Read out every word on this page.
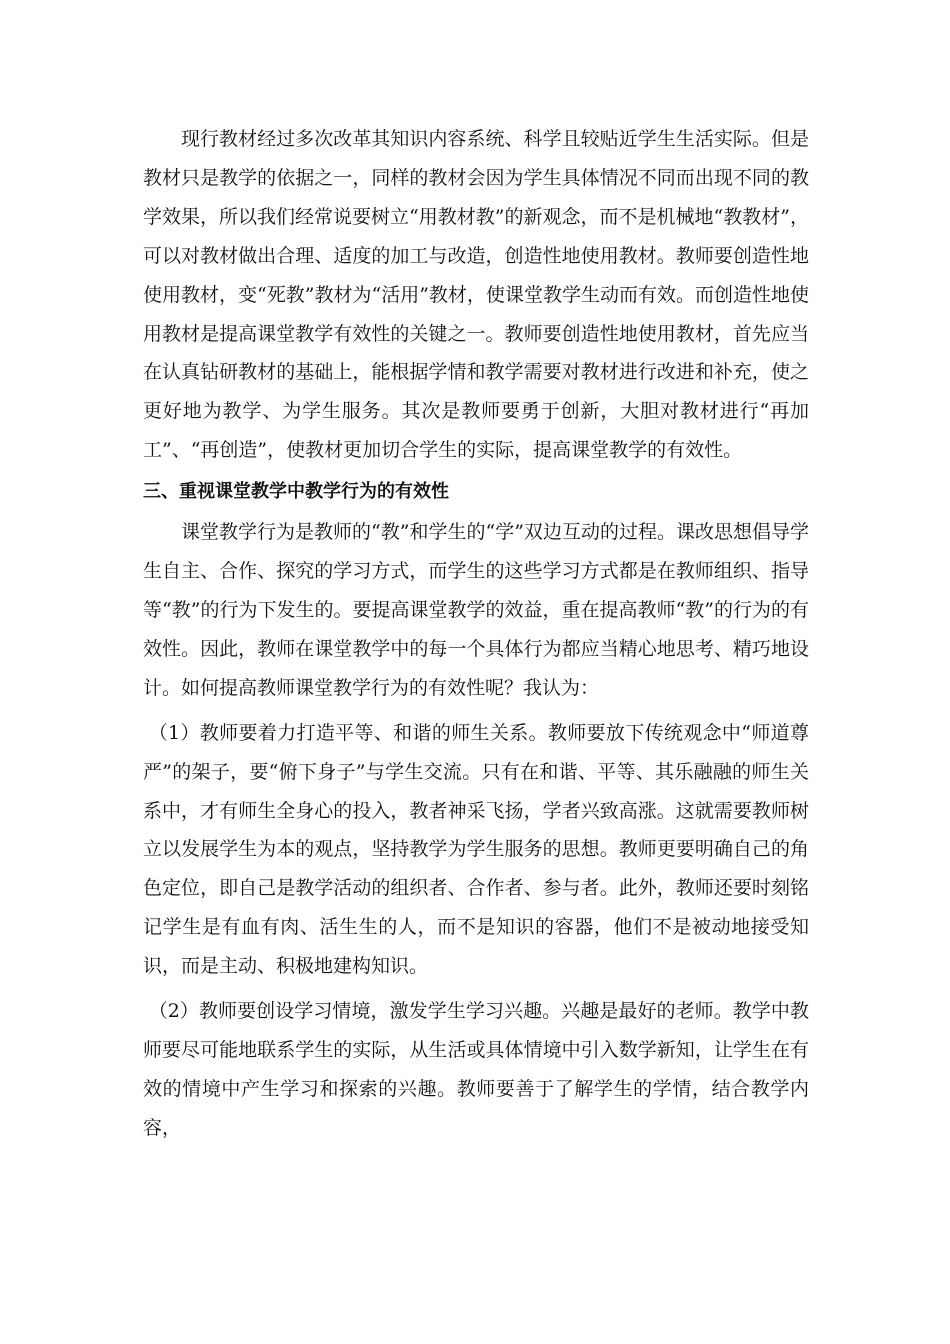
现行教材经过多次改革其知识内容系统、科学且较贴近学生生活实际。但是教材只是教学的依据之一，同样的教材会因为学生具体情况不同而出现不同的教学效果，所以我们经常说要树立“用教材教”的新观念，而不是机械地“教教材”，可以对教材做出合理、适度的加工与改造，创造性地使用教材。教师要创造性地使用教材，变“死教”教材为“活用”教材，使课堂教学生动而有效。而创造性地使用教材是提高课堂教学有效性的关键之一。教师要创造性地使用教材，首先应当在认真钻研教材的基础上，能根据学情和教学需要对教材进行改进和补充，使之更好地为教学、为学生服务。其次是教师要勇于创新，大胆对教材进行“再加工”、“再创造”，使教材更加切合学生的实际，提高课堂教学的有效性。

三、重视课堂教学中教学行为的有效性

课堂教学行为是教师的“教”和学生的“学”双边互动的过程。课改思想倡导学生自主、合作、探究的学习方式，而学生的这些学习方式都是在教师组织、指导等“教”的行为下发生的。要提高课堂教学的效益，重在提高教师“教”的行为的有效性。因此，教师在课堂教学中的每一个具体行为都应当精心地思考、精巧地设计。如何提高教师课堂教学行为的有效性呢？我认为：

（1）教师要着力打造平等、和谐的师生关系。教师要放下传统观念中“师道尊严”的架子，要“俯下身子”与学生交流。只有在和谐、平等、其乐融融的师生关系中，才有师生全身心的投入，教者神采飞扬，学者兴致高涨。这就需要教师树立以发展学生为本的观点，坚持教学为学生服务的思想。教师更要明确自己的角色定位，即自己是教学活动的组织者、合作者、参与者。此外，教师还要时刻铭记学生是有血有肉、活生生的人，而不是知识的容器，他们不是被动地接受知识，而是主动、积极地建构知识。

（2）教师要创设学习情境，激发学生学习兴趣。兴趣是最好的老师。教学中教师要尽可能地联系学生的实际，从生活或具体情境中引入数学新知，让学生在有效的情境中产生学习和探索的兴趣。教师要善于了解学生的学情，结合教学内容，
